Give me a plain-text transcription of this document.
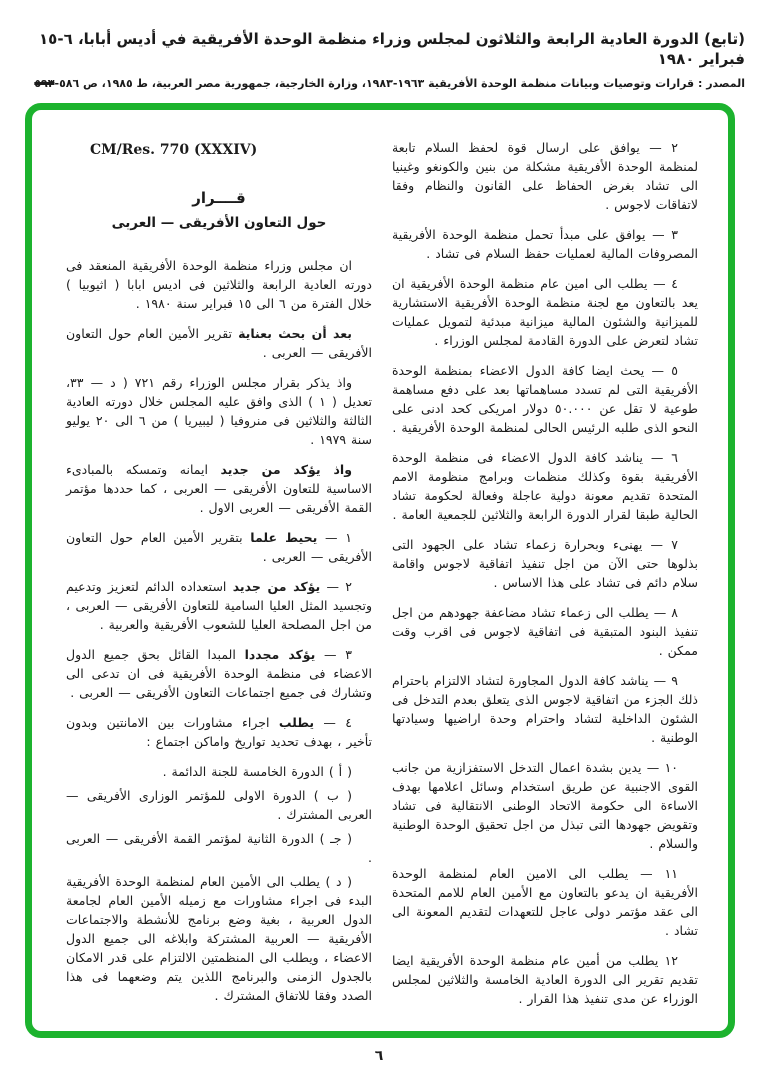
(تابع) الدورة العادية الرابعة والثلاثون لمجلس وزراء منظمة الوحدة الأفريقية في أديس أبابا، ٦-١٥ فبراير ١٩٨٠
المصدر : قرارات وتوصيات وبيانات منظمة الوحدة الأفريقية ١٩٦٣-١٩٨٣، وزارة الخارجية، جمهورية مصر العربية، ط ١٩٨٥، ص ٥٨٦-٥٩٣
٢ — يوافق على ارسال قوة لحفظ السلام تابعة لمنظمة الوحدة الأفريقية مشكلة من بنين والكونغو وغينيا الى تشاد بغرض الحفاظ على القانون والنظام وفقا لاتفاقات لاجوس .
٣ — يوافق على مبدأ تحمل منظمة الوحدة الأفريقية المصروفات المالية لعمليات حفظ السلام فى تشاد .
٤ — يطلب الى امين عام منظمة الوحدة الأفريقية ان يعد بالتعاون مع لجنة منظمة الوحدة الأفريقية الاستشارية للميزانية والشئون المالية ميزانية مبدئية لتمويل عمليات تشاد لتعرض على الدورة القادمة لمجلس الوزراء .
٥ — يحث ايضا كافة الدول الاعضاء بمنظمة الوحدة الأفريقية التى لم تسدد مساهماتها بعد على دفع مساهمة طوعية لا تقل عن ٥٠.٠٠٠ دولار امريكى كحد ادنى على النحو الذى طلبه الرئيس الحالى لمنظمة الوحدة الأفريقية .
٦ — يناشد كافة الدول الاعضاء فى منظمة الوحدة الأفريقية بقوة وكذلك منظمات وبرامج منظومة الامم المتحدة تقديم معونة دولية عاجلة وفعالة لحكومة تشاد الحالية طبقا لقرار الدورة الرابعة والثلاثين للجمعية العامة .
٧ — يهنىء وبحرارة زعماء تشاد على الجهود التى بذلوها حتى الآن من اجل تنفيذ اتفاقية لاجوس واقامة سلام دائم فى تشاد على هذا الاساس .
٨ — يطلب الى زعماء تشاد مضاعفة جهودهم من اجل تنفيذ البنود المتبقية فى اتفاقية لاجوس فى اقرب وقت ممكن .
٩ — يناشد كافة الدول المجاورة لتشاد الالتزام باحترام ذلك الجزء من اتفاقية لاجوس الذى يتعلق بعدم التدخل فى الشئون الداخلية لتشاد واحترام وحدة اراضيها وسيادتها الوطنية .
١٠ — يدين بشدة اعمال التدخل الاستفزازية من جانب القوى الاجنبية عن طريق استخدام وسائل اعلامها بهدف الاساءة الى حكومة الاتحاد الوطنى الانتقالية فى تشاد وتقويض جهودها التى تبذل من اجل تحقيق الوحدة الوطنية والسلام .
١١ — يطلب الى الامين العام لمنظمة الوحدة الأفريقية ان يدعو بالتعاون مع الأمين العام للامم المتحدة الى عقد مؤتمر دولى عاجل للتعهدات لتقديم المعونة الى تشاد .
١٢ يطلب من أمين عام منظمة الوحدة الأفريقية ايضا تقديم تقرير الى الدورة العادية الخامسة والثلاثين لمجلس الوزراء عن مدى تنفيذ هذا القرار .
CM/Res. 770 (XXXIV)
قــــرار
حول التعاون الأفريقى — العربى
ان مجلس وزراء منظمة الوحدة الأفريقية المنعقد فى دورته العادية الرابعة والثلاثين فى اديس ابابا ( اثيوبيا ) خلال الفترة من ٦ الى ١٥ فبراير سنة ١٩٨٠ .
بعد أن بحث بعناية تقرير الأمين العام حول التعاون الأفريقى — العربى .
واذ يذكر بقرار مجلس الوزراء رقم ٧٢١ ( د — ٣٣، تعديل ( ١ ) الذى وافق عليه المجلس خلال دورته العادية الثالثة والثلاثين فى منروفيا ( ليبيريا ) من ٦ الى ٢٠ يوليو سنة ١٩٧٩ .
واذ يؤكد من جديد ايمانه وتمسكه بالمبادىء الاساسية للتعاون الأفريقى — العربى ، كما حددها مؤتمر القمة الأفريقى — العربى الاول .
١ — يحيط علما بتقرير الأمين العام حول التعاون الأفريقى — العربى .
٢ — يؤكد من جديد استعداده الدائم لتعزيز وتدعيم وتجسيد المثل العليا السامية للتعاون الأفريقى — العربى ، من اجل المصلحة العليا للشعوب الأفريقية والعربية .
٣ — يؤكد مجددا المبدا القائل بحق جميع الدول الاعضاء فى منظمة الوحدة الأفريقية فى ان تدعى الى وتشارك فى جميع اجتماعات التعاون الأفريقى — العربى .
٤ — يطلب اجراء مشاورات بين الامانتين وبدون تأخير ، بهدف تحديد تواريخ واماكن اجتماع :
( أ ) الدورة الخامسة للجنة الدائمة .
( ب ) الدورة الاولى للمؤتمر الوزارى الأفريقى — العربى المشترك .
( جـ ) الدورة الثانية لمؤتمر القمة الأفريقى — العربى .
( د ) يطلب الى الأمين العام لمنظمة الوحدة الأفريقية البدء فى اجراء مشاورات مع زميله الأمين العام لجامعة الدول العربية ، بغية وضع برنامج للأنشطة والاجتماعات الأفريقية — العربية المشتركة وابلاغه الى جميع الدول الاعضاء ، ويطلب الى المنظمتين الالتزام على قدر الامكان بالجدول الزمنى والبرنامج اللذين يتم وضعهما فى هذا الصدد وفقا للاتفاق المشترك .
٦
